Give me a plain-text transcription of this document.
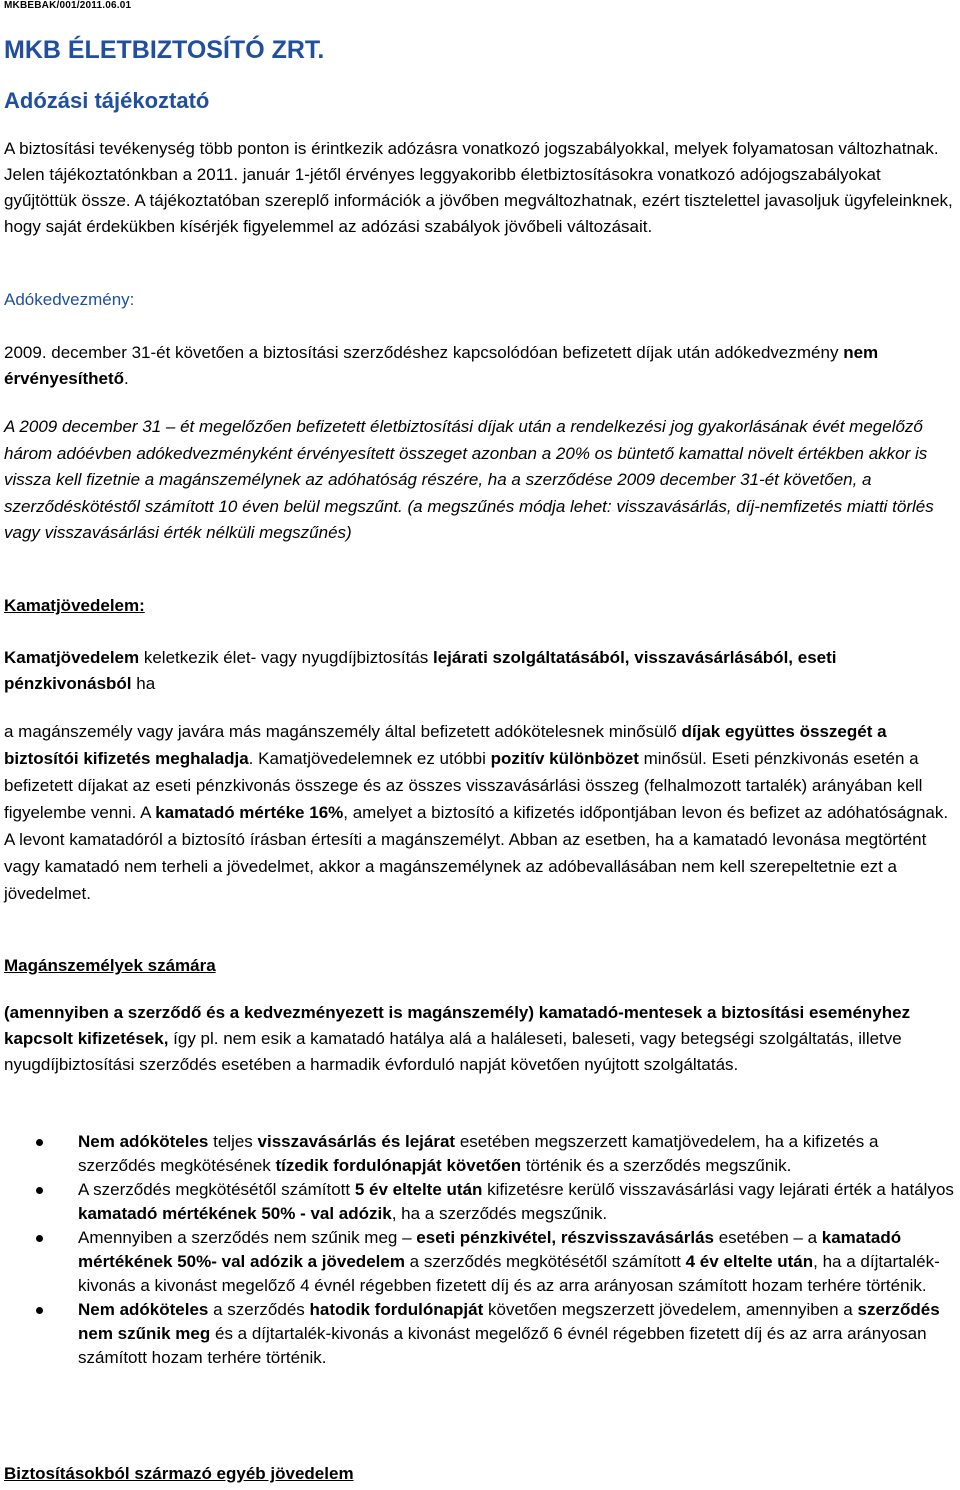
MKBEBAK/001/2011.06.01
MKB ÉLETBIZTOSÍTÓ ZRT.
Adózási tájékoztató

A biztosítási tevékenység több ponton is érintkezik adózásra vonatkozó jogszabályokkal, melyek folyamatosan változhatnak. Jelen tájékoztatónkban a 2011. január 1-jétől érvényes leggyakoribb életbiztosításokra vonatkozó adójogszabályokat gyűjtöttük össze. A tájékoztatóban szereplő információk a jövőben megváltozhatnak, ezért tisztelettel javasoljuk ügyfeleinknek, hogy saját érdekükben kísérjék figyelemmel az adózási szabályok jövőbeli változásait.

Adókedvezmény:

2009. december 31-ét követően a biztosítási szerződéshez kapcsolódóan befizetett díjak után adókedvezmény nem érvényesíthető.

A 2009 december 31 – ét megelőzően befizetett életbiztosítási díjak után a rendelkezési jog gyakorlásának évét megelőző három adóévben adókedvezményként érvényesített összeget azonban a 20% os büntető kamattal növelt értékben akkor is vissza kell fizetnie a magánszemélynek az adóhatóság részére, ha a szerződése 2009 december 31-ét követően, a szerződéskötéstől számított 10 éven belül megszűnt. (a megszűnés módja lehet: visszavásárlás, díj-nemfizetés miatti törlés vagy visszavásárlási érték nélküli megszűnés)

Kamatjövedelem:

Kamatjövedelem keletkezik élet- vagy nyugdíjbiztosítás lejárati szolgáltatásából, visszavásárlásából, eseti pénzkivonásból ha

a magánszemély vagy javára más magánszemély által befizetett adókötelesnek minősülő díjak együttes összegét a biztosítói kifizetés meghaladja. Kamatjövedelemnek ez utóbbi pozitív különbözet minősül. Eseti pénzkivonás esetén a befizetett díjakat az eseti pénzkivonás összege és az összes visszavásárlási összeg (felhalmozott tartalék) arányában kell figyelembe venni. A kamatadó mértéke 16%, amelyet a biztosító a kifizetés időpontjában levon és befizet az adóhatóságnak. A levont kamatadóról a biztosító írásban értesíti a magánszemélyt. Abban az esetben, ha a kamatadó levonása megtörtént vagy kamatadó nem terheli a jövedelmet, akkor a magánszemélynek az adóbevallásában nem kell szerepeltetnie ezt a jövedelmet.

Magánszemélyek számára

(amennyiben a szerződő és a kedvezményezett is magánszemély) kamatadó-mentesek a biztosítási eseményhez kapcsolt kifizetések, így pl. nem esik a kamatadó hatálya alá a haláleseti, baleseti, vagy betegségi szolgáltatás, illetve nyugdíjbiztosítási szerződés esetében a harmadik évforduló napját követően nyújtott szolgáltatás.

Nem adóköteles teljes visszavásárlás és lejárat esetében megszerzett kamatjövedelem, ha a kifizetés a szerződés megkötésének tízedik fordulónapját követően történik és a szerződés megszűnik.
A szerződés megkötésétől számított 5 év eltelte után kifizetésre kerülő visszavásárlási vagy lejárati érték a hatályos kamatadó mértékének 50% - val adózik, ha a szerződés megszűnik.
Amennyiben a szerződés nem szűnik meg – eseti pénzkivétel, részvisszavásárlás esetében – a kamatadó mértékének 50%- val adózik a jövedelem a szerződés megkötésétől számított 4 év eltelte után, ha a díjtartalék-kivonás a kivonást megelőző 4 évnél régebben fizetett díj és az arra arányosan számított hozam terhére történik.
Nem adóköteles a szerződés hatodik fordulónapját követően megszerzett jövedelem, amennyiben a szerződés nem szűnik meg és a díjtartalék-kivonás a kivonást megelőző 6 évnél régebben fizetett díj és az arra arányosan számított hozam terhére történik.
Biztosításokból származó egyéb jövedelem
